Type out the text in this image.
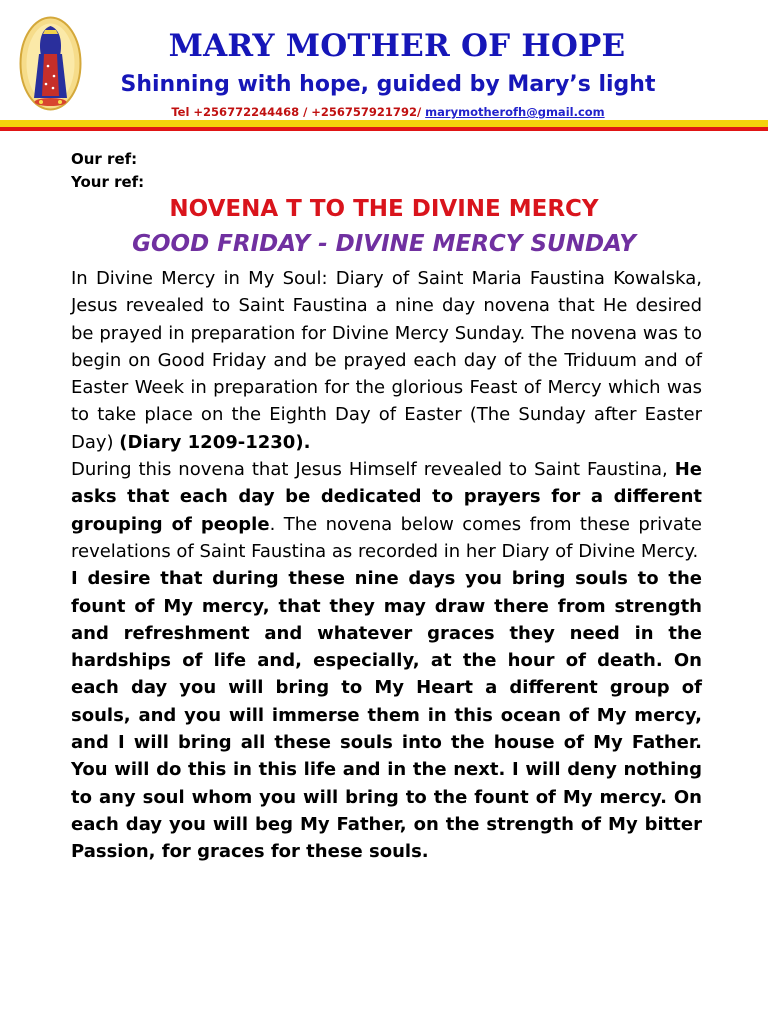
MARY MOTHER OF HOPE
Shinning with hope, guided by Mary’s light
Tel +256772244468 / +256757921792/ marymotherofh@gmail.com
Our ref:
Your ref:
NOVENA T TO THE DIVINE MERCY
GOOD FRIDAY - DIVINE MERCY SUNDAY

In Divine Mercy in My Soul: Diary of Saint Maria Faustina Kowalska, Jesus revealed to Saint Faustina a nine day novena that He desired be prayed in preparation for Divine Mercy Sunday. The novena was to begin on Good Friday and be prayed each day of the Triduum and of Easter Week in preparation for the glorious Feast of Mercy which was to take place on the Eighth Day of Easter (The Sunday after Easter Day) (Diary 1209-1230).

During this novena that Jesus Himself revealed to Saint Faustina, He asks that each day be dedicated to prayers for a different grouping of people. The novena below comes from these private revelations of Saint Faustina as recorded in her Diary of Divine Mercy.

I desire that during these nine days you bring souls to the fount of My mercy, that they may draw there from strength and refreshment and whatever graces they need in the hardships of life and, especially, at the hour of death. On each day you will bring to My Heart a different group of souls, and you will immerse them in this ocean of My mercy, and I will bring all these souls into the house of My Father. You will do this in this life and in the next. I will deny nothing to any soul whom you will bring to the fount of My mercy. On each day you will beg My Father, on the strength of My bitter Passion, for graces for these souls.
